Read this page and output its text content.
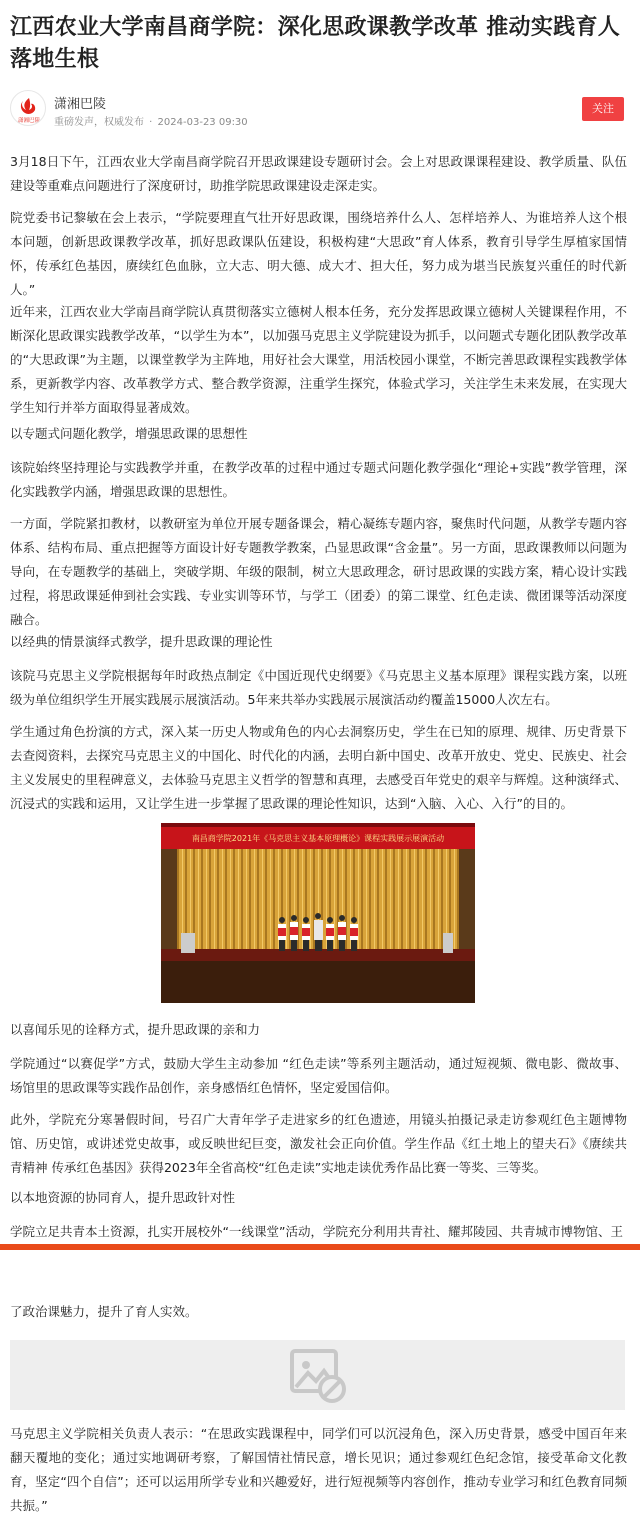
江西农业大学南昌商学院：深化思政课教学改革 推动实践育人落地生根
潇湘巴陵
潇湘巴陵
重磅发声，权威发布 · 2024-03-23 09:30
关注
3月18日下午，江西农业大学南昌商学院召开思政课建设专题研讨会。会上对思政课课程建设、教学质量、队伍建设等重难点问题进行了深度研讨，助推学院思政课建设走深走实。
院党委书记黎敏在会上表示，“学院要理直气壮开好思政课，围绕培养什么人、怎样培养人、为谁培养人这个根本问题，创新思政课教学改革，抓好思政课队伍建设，积极构建“大思政”育人体系，教育引导学生厚植家国情怀，传承红色基因，赓续红色血脉，立大志、明大德、成大才、担大任，努力成为堪当民族复兴重任的时代新人。”
近年来，江西农业大学南昌商学院认真贯彻落实立德树人根本任务，充分发挥思政课立德树人关键课程作用，不断深化思政课实践教学改革，“以学生为本”，以加强马克思主义学院建设为抓手，以问题式专题化团队教学改革的“大思政课”为主题，以课堂教学为主阵地，用好社会大课堂，用活校园小课堂，不断完善思政课程实践教学体系，更新教学内容、改革教学方式、整合教学资源，注重学生探究，体验式学习，关注学生未来发展，在实现大学生知行并举方面取得显著成效。
以专题式问题化教学，增强思政课的思想性
该院始终坚持理论与实践教学并重，在教学改革的过程中通过专题式问题化教学强化“理论+实践”教学管理，深化实践教学内涵，增强思政课的思想性。
一方面，学院紧扣教材，以教研室为单位开展专题备课会，精心凝练专题内容，聚焦时代问题，从教学专题内容体系、结构布局、重点把握等方面设计好专题教学教案，凸显思政课“含金量”。另一方面，思政课教师以问题为导向，在专题教学的基础上，突破学期、年级的限制，树立大思政理念，研讨思政课的实践方案，精心设计实践过程，将思政课延伸到社会实践、专业实训等环节，与学工（团委）的第二课堂、红色走读、微团课等活动深度融合。
以经典的情景演绎式教学，提升思政课的理论性
该院马克思主义学院根据每年时政热点制定《中国近现代史纲要》《马克思主义基本原理》课程实践方案，以班级为单位组织学生开展实践展示展演活动。5年来共举办实践展示展演活动约覆盖15000人次左右。
学生通过角色扮演的方式，深入某一历史人物或角色的内心去洞察历史，学生在已知的原理、规律、历史背景下去查阅资料，去探究马克思主义的中国化、时代化的内涵，去明白新中国史、改革开放史、党史、民族史、社会主义发展史的里程碑意义，去体验马克思主义哲学的智慧和真理，去感受百年党史的艰辛与辉煌。这种演绎式、沉浸式的实践和运用，又让学生进一步掌握了思政课的理论性知识，达到“入脑、入心、入行”的目的。
南昌商学院2021年《马克思主义基本原理概论》课程实践展示展演活动
以喜闻乐见的诠释方式，提升思政课的亲和力
学院通过“以赛促学”方式，鼓励大学生主动参加 “红色走读”等系列主题活动，通过短视频、微电影、微故事、场馆里的思政课等实践作品创作，亲身感悟红色情怀，坚定爱国信仰。
此外，学院充分寒暑假时间，号召广大青年学子走进家乡的红色遗迹，用镜头拍摄记录走访参观红色主题博物馆、历史馆，或讲述党史故事，或反映世纪巨变，激发社会正向价值。学生作品《红土地上的望夫石》《赓续共青精神 传承红色基因》获得2023年全省高校“红色走读”实地走读优秀作品比赛一等奖、三等奖。
以本地资源的协同育人，提升思政针对性
学院立足共青本土资源，扎实开展校外“一线课堂”活动，学院充分利用共青社、耀邦陵园、共青城市博物馆、王
了政治课魅力，提升了育人实效。
马克思主义学院相关负责人表示：“在思政实践课程中，同学们可以沉浸角色，深入历史背景，感受中国百年来翻天覆地的变化；通过实地调研考察，了解国情社情民意，增长见识；通过参观红色纪念馆，接受革命文化教育，坚定“四个自信”；还可以运用所学专业和兴趣爱好，进行短视频等内容创作，推动专业学习和红色教育同频共振。”
